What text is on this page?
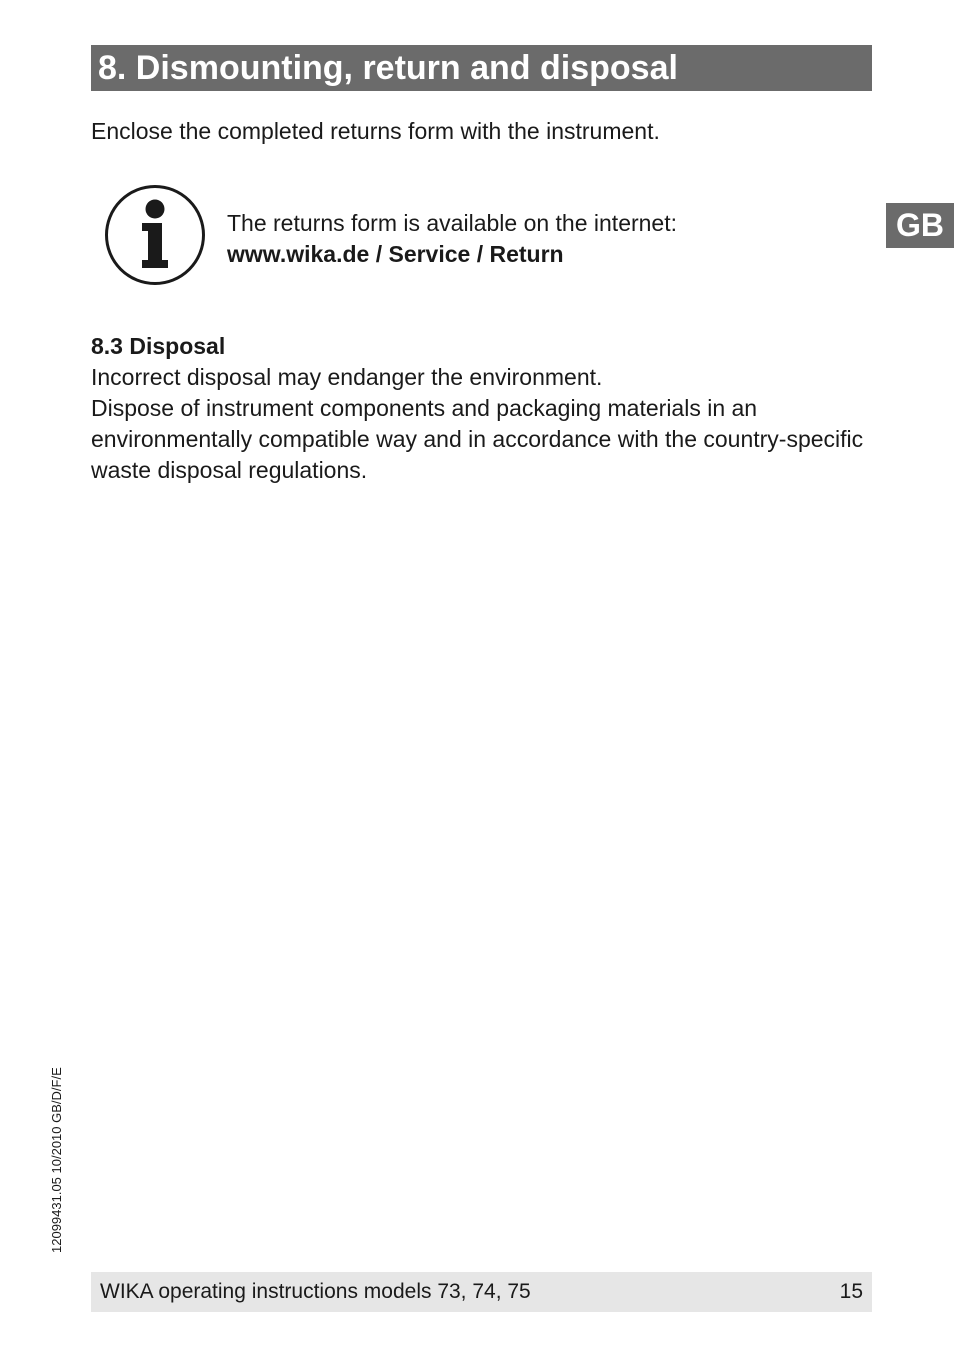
8. Dismounting, return and disposal

Enclose the completed returns form with the instrument.

The returns form is available on the internet:
www.wika.de / Service / Return

8.3 Disposal

Incorrect disposal may endanger the environment.

Dispose of instrument components and packaging materials in an environmentally compatible way and in accordance with the country-specific waste disposal regulations.

GB
12099431.05 10/2010 GB/D/F/E
WIKA operating instructions models 73, 74, 75	15
